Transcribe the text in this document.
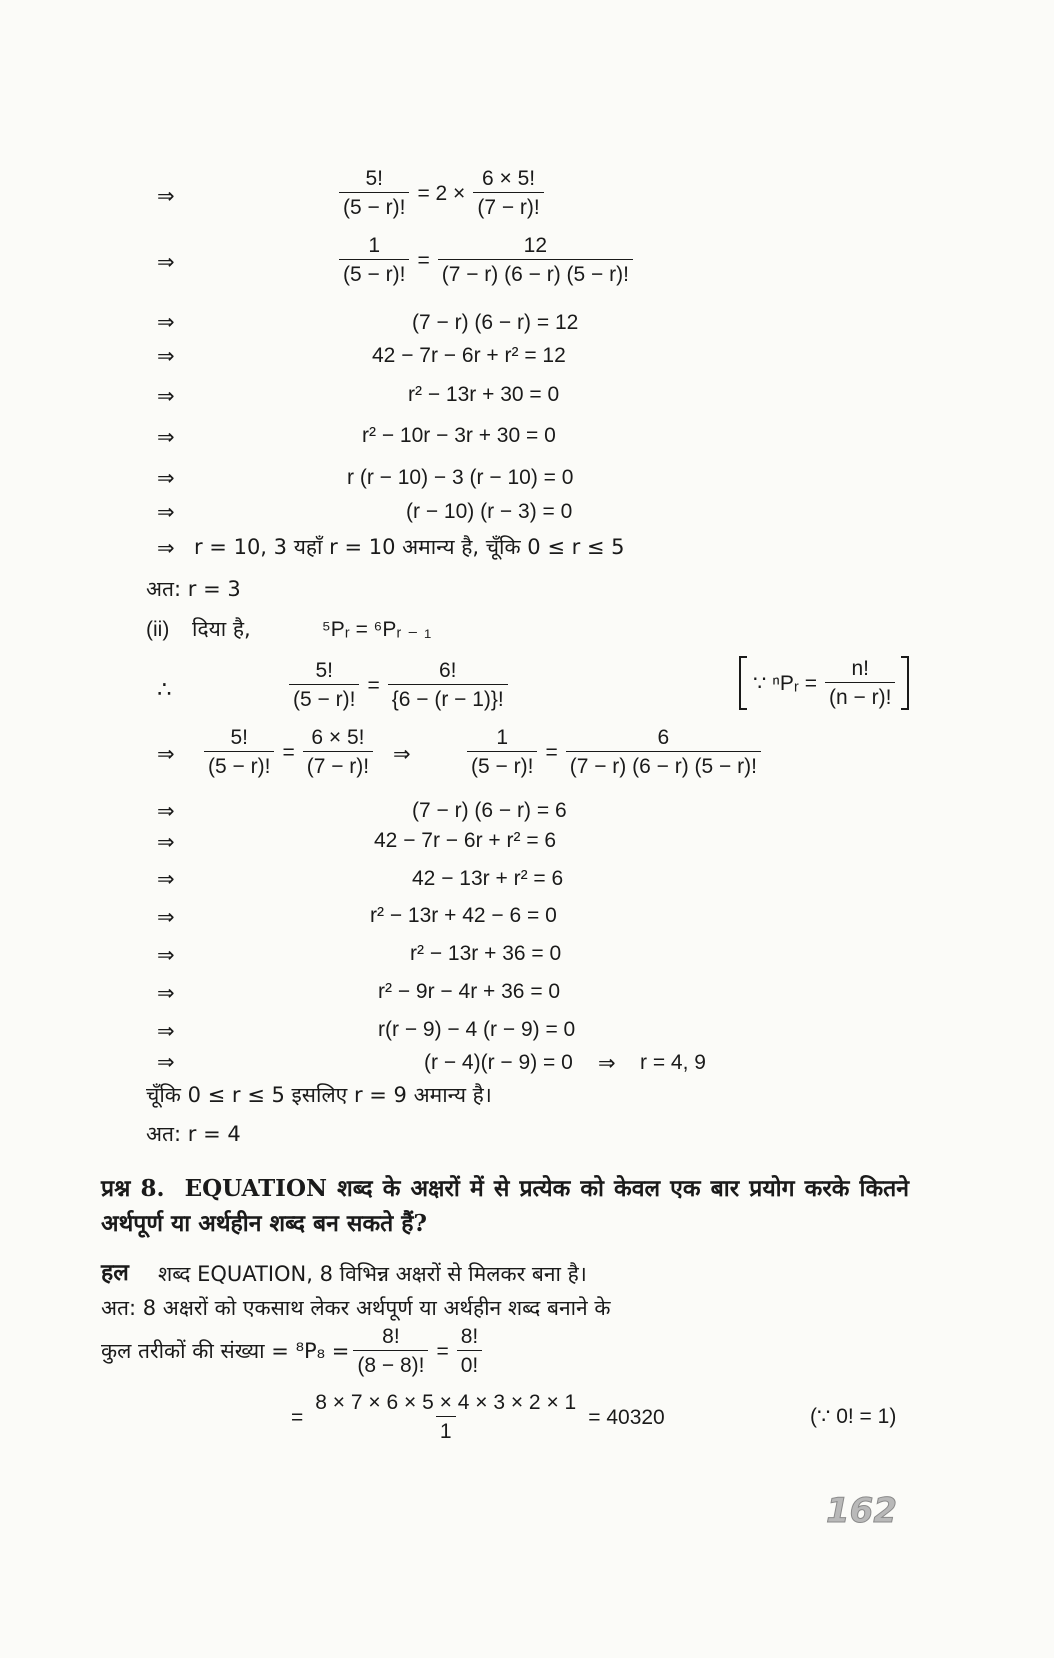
⇒	$\frac{5!}{(5 - r)!} = 2 \times \frac{6 \times 5!}{(7 - r)!}$
⇒	$\frac{1}{(5 - r)!} = \frac{12}{(7 - r) (6 - r) (5 - r)!}$
⇒	(7 − r) (6 − r) = 12
⇒	42 − 7r − 6r + r² = 12
⇒	r² − 13r + 30 = 0
⇒	r² − 10r − 3r + 30 = 0
⇒	r (r − 10) − 3 (r − 10) = 0
⇒	(r − 10) (r − 3) = 0
⇒ r = 10, 3 यहाँ r = 10 अमान्य है, चूँकि 0 ≤ r ≤ 5
अत: r = 3
(ii) दिया है,	⁵Pᵣ = ⁶Pᵣ ₋ ₁
∴	$\frac{5!}{(5 - r)!} = \frac{6!}{\{6 - (r - 1)\}!}$	∵ ⁿPᵣ = $\frac{n!}{(n - r)!}$
⇒ $\frac{5!}{(5 - r)!} = \frac{6 \times 5!}{(7 - r)!}$ ⇒	$\frac{1}{(5 - r)!} = \frac{6}{(7 - r) (6 - r) (5 - r)!}$
⇒	(7 − r) (6 − r) = 6
⇒	42 − 7r − 6r + r² = 6
⇒	42 − 13r + r² = 6
⇒	r² − 13r + 42 − 6 = 0
⇒	r² − 13r + 36 = 0
⇒	r² − 9r − 4r + 36 = 0
⇒	r(r − 9) − 4 (r − 9) = 0
⇒	(r − 4)(r − 9) = 0 ⇒ r = 4, 9
चूँकि 0 ≤ r ≤ 5 इसलिए r = 9 अमान्य है।
अत: r = 4
प्रश्न 8. EQUATION शब्द के अक्षरों में से प्रत्येक को केवल एक बार प्रयोग करके कितने अर्थपूर्ण या अर्थहीन शब्द बन सकते हैं?
हल शब्द EQUATION, 8 विभिन्न अक्षरों से मिलकर बना है।
अत: 8 अक्षरों को एकसाथ लेकर अर्थपूर्ण या अर्थहीन शब्द बनाने के
कुल तरीकों की संख्या = $^8P_8 = \frac{8!}{(8 - 8)!} = \frac{8!}{0!}$
= $\frac{8 \times 7 \times 6 \times 5 \times 4 \times 3 \times 2 \times 1}{1} = 40320$	(∵ 0! = 1)
162
